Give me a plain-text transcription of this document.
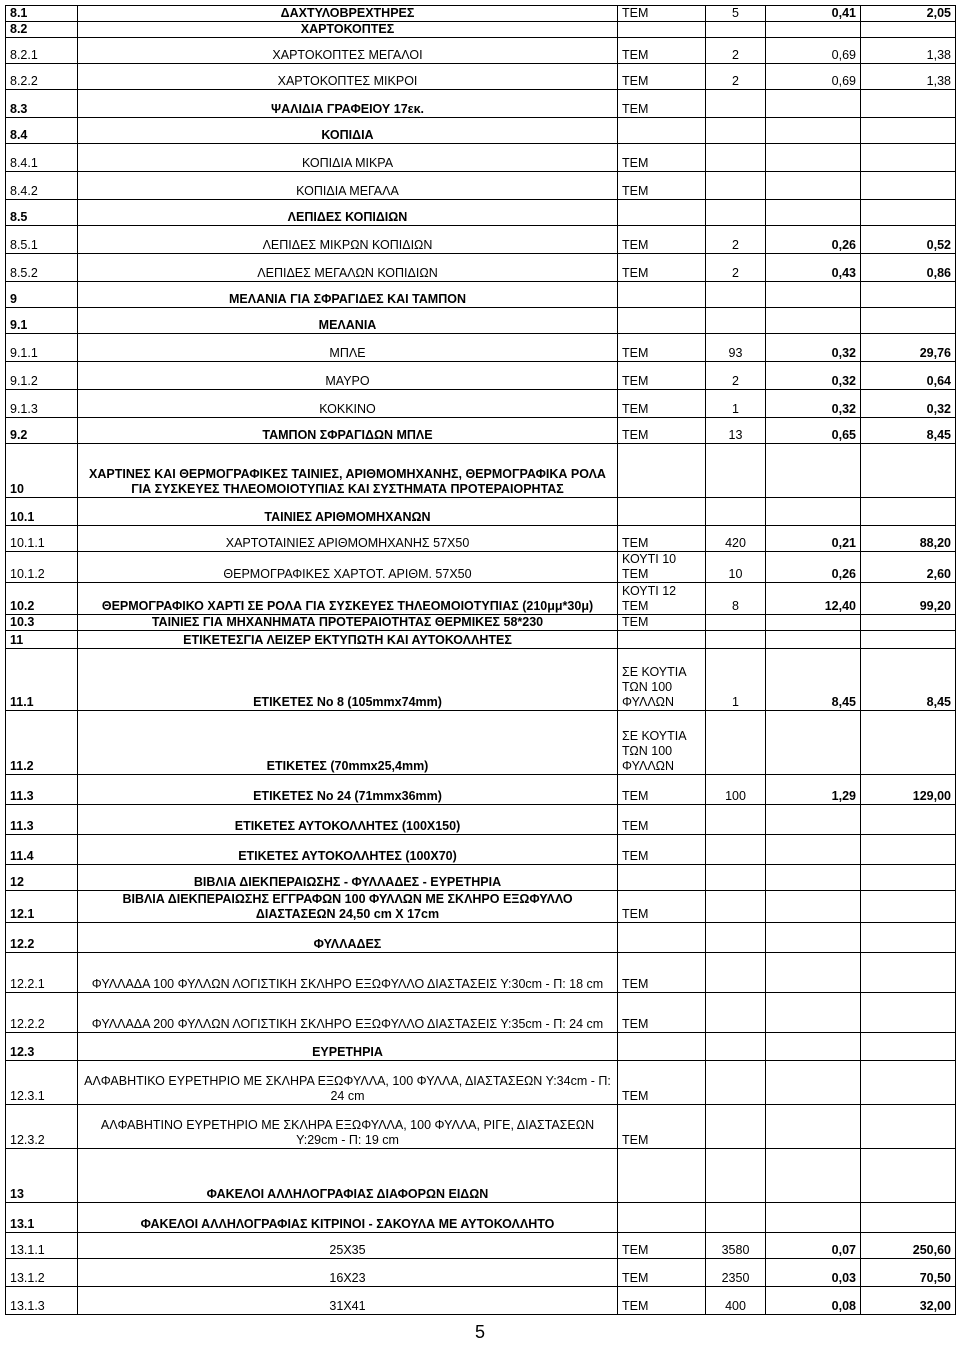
8.1	ΔΑΧΤΥΛΟΒΡΕΧΤΗΡΕΣ	ΤΕΜ	5	0,41	2,05
8.2	ΧΑΡΤΟΚΟΠΤΕΣ				
8.2.1	ΧΑΡΤΟΚΟΠΤΕΣ ΜΕΓΑΛΟΙ	ΤΕΜ	2	0,69	1,38
8.2.2	ΧΑΡΤΟΚΟΠΤΕΣ ΜΙΚΡΟΙ	ΤΕΜ	2	0,69	1,38
8.3	ΨΑΛΙΔΙΑ ΓΡΑΦΕΙΟΥ 17εκ.	ΤΕΜ			
8.4	ΚΟΠΙΔΙΑ				
8.4.1	ΚΟΠΙΔΙΑ ΜΙΚΡΑ	ΤΕΜ			
8.4.2	ΚΟΠΙΔΙΑ ΜΕΓΑΛΑ	ΤΕΜ			
8.5	ΛΕΠΙΔΕΣ ΚΟΠΙΔΙΩΝ				
8.5.1	ΛΕΠΙΔΕΣ ΜΙΚΡΩΝ ΚΟΠΙΔΙΩΝ	ΤΕΜ	2	0,26	0,52
8.5.2	ΛΕΠΙΔΕΣ ΜΕΓΑΛΩΝ ΚΟΠΙΔΙΩΝ	ΤΕΜ	2	0,43	0,86
9	ΜΕΛΑΝΙΑ ΓΙΑ ΣΦΡΑΓΙΔΕΣ ΚΑΙ ΤΑΜΠΟΝ				
9.1	ΜΕΛΑΝΙΑ				
9.1.1	ΜΠΛΕ	ΤΕΜ	93	0,32	29,76
9.1.2	ΜΑΥΡΟ	ΤΕΜ	2	0,32	0,64
9.1.3	ΚΟΚΚΙΝΟ	ΤΕΜ	1	0,32	0,32
9.2	ΤΑΜΠΟΝ ΣΦΡΑΓΙΔΩΝ ΜΠΛΕ	ΤΕΜ	13	0,65	8,45
10	ΧΑΡΤΙΝΕΣ ΚΑΙ ΘΕΡΜΟΓΡΑΦΙΚΕΣ ΤΑΙΝΙΕΣ, ΑΡΙΘΜΟΜΗΧΑΝΗΣ, ΘΕΡΜΟΓΡΑΦΙΚΑ ΡΟΛΑ ΓΙΑ ΣΥΣΚΕΥΕΣ ΤΗΛΕΟΜΟΙΟΤΥΠΙΑΣ ΚΑΙ ΣΥΣΤΗΜΑΤΑ ΠΡΟΤΕΡΑΙΟΡΗΤΑΣ				
10.1	ΤΑΙΝΙΕΣ ΑΡΙΘΜΟΜΗΧΑΝΩΝ				
10.1.1	ΧΑΡΤΟΤΑΙΝΙΕΣ ΑΡΙΘΜΟΜΗΧΑΝΗΣ 57Χ50	ΤΕΜ	420	0,21	88,20
10.1.2	ΘΕΡΜΟΓΡΑΦΙΚΕΣ ΧΑΡΤΟΤ. ΑΡΙΘΜ. 57Χ50	ΚΟΥΤΙ 10 ΤΕΜ	10	0,26	2,60
10.2	ΘΕΡΜΟΓΡΑΦΙΚΟ ΧΑΡΤΙ ΣΕ ΡΟΛΑ ΓΙΑ ΣΥΣΚΕΥΕΣ ΤΗΛΕΟΜΟΙΟΤΥΠΙΑΣ (210μμ*30μ)	ΚΟΥΤΙ 12 ΤΕΜ	8	12,40	99,20
10.3	ΤΑΙΝΙΕΣ ΓΙΑ ΜΗΧΑΝΗΜΑΤΑ ΠΡΟΤΕΡΑΙΟΤΗΤΑΣ ΘΕΡΜΙΚΕΣ 58*230	ΤΕΜ			
11	ΕΤΙΚΕΤΕΣΓΙΑ ΛΕΙΖΕΡ ΕΚΤΥΠΩΤΗ ΚΑΙ ΑΥΤΟΚΟΛΛΗΤΕΣ				
11.1	ΕΤΙΚΕΤΕΣ Νο 8 (105mmx74mm)	ΣΕ ΚΟΥΤΙΑ ΤΩΝ 100 ΦΥΛΛΩΝ	1	8,45	8,45
11.2	ΕΤΙΚΕΤΕΣ (70mmx25,4mm)	ΣΕ ΚΟΥΤΙΑ ΤΩΝ 100 ΦΥΛΛΩΝ			
11.3	ΕΤΙΚΕΤΕΣ Νο 24 (71mmx36mm)	ΤΕΜ	100	1,29	129,00
11.3	ΕΤΙΚΕΤΕΣ ΑΥΤΟΚΟΛΛΗΤΕΣ (100Χ150)	ΤΕΜ			
11.4	ΕΤΙΚΕΤΕΣ ΑΥΤΟΚΟΛΛΗΤΕΣ (100Χ70)	ΤΕΜ			
12	ΒΙΒΛΙΑ ΔΙΕΚΠΕΡΑΙΩΣΗΣ - ΦΥΛΛΑΔΕΣ - ΕΥΡΕΤΗΡΙΑ				
12.1	ΒΙΒΛΙΑ ΔΙΕΚΠΕΡΑΙΩΣΗΣ ΕΓΓΡΑΦΩΝ 100 ΦΥΛΛΩΝ ΜΕ ΣΚΛΗΡΟ ΕΞΩΦΥΛΛΟ ΔΙΑΣΤΑΣΕΩΝ 24,50 cm Χ 17cm	ΤΕΜ			
12.2	ΦΥΛΛΑΔΕΣ				
12.2.1	ΦΥΛΛΑΔΑ 100 ΦΥΛΛΩΝ ΛΟΓΙΣΤΙΚΗ ΣΚΛΗΡΟ ΕΞΩΦΥΛΛΟ ΔΙΑΣΤΑΣΕΙΣ Υ:30cm - Π: 18 cm	ΤΕΜ			
12.2.2	ΦΥΛΛΑΔΑ 200 ΦΥΛΛΩΝ ΛΟΓΙΣΤΙΚΗ ΣΚΛΗΡΟ ΕΞΩΦΥΛΛΟ ΔΙΑΣΤΑΣΕΙΣ Υ:35cm - Π: 24 cm	ΤΕΜ			
12.3	ΕΥΡΕΤΗΡΙΑ				
12.3.1	ΑΛΦΑΒΗΤΙΚΟ ΕΥΡΕΤΗΡΙΟ ΜΕ ΣΚΛΗΡΑ ΕΞΩΦΥΛΛΑ, 100 ΦΥΛΛΑ, ΔΙΑΣΤΑΣΕΩΝ Υ:34cm - Π: 24 cm	ΤΕΜ			
12.3.2	ΑΛΦΑΒΗΤΙΝΟ ΕΥΡΕΤΗΡΙΟ ΜΕ ΣΚΛΗΡΑ ΕΞΩΦΥΛΛΑ, 100 ΦΥΛΛΑ, ΡΙΓΕ, ΔΙΑΣΤΑΣΕΩΝ Υ:29cm - Π: 19 cm	ΤΕΜ			
13	ΦΑΚΕΛΟΙ ΑΛΛΗΛΟΓΡΑΦΙΑΣ ΔΙΑΦΟΡΩΝ ΕΙΔΩΝ				
13.1	ΦΑΚΕΛΟΙ ΑΛΛΗΛΟΓΡΑΦΙΑΣ ΚΙΤΡΙΝΟΙ - ΣΑΚΟΥΛΑ ΜΕ ΑΥΤΟΚΟΛΛΗΤΟ				
13.1.1	25Χ35	ΤΕΜ	3580	0,07	250,60
13.1.2	16Χ23	ΤΕΜ	2350	0,03	70,50
13.1.3	31Χ41	ΤΕΜ	400	0,08	32,00
5
